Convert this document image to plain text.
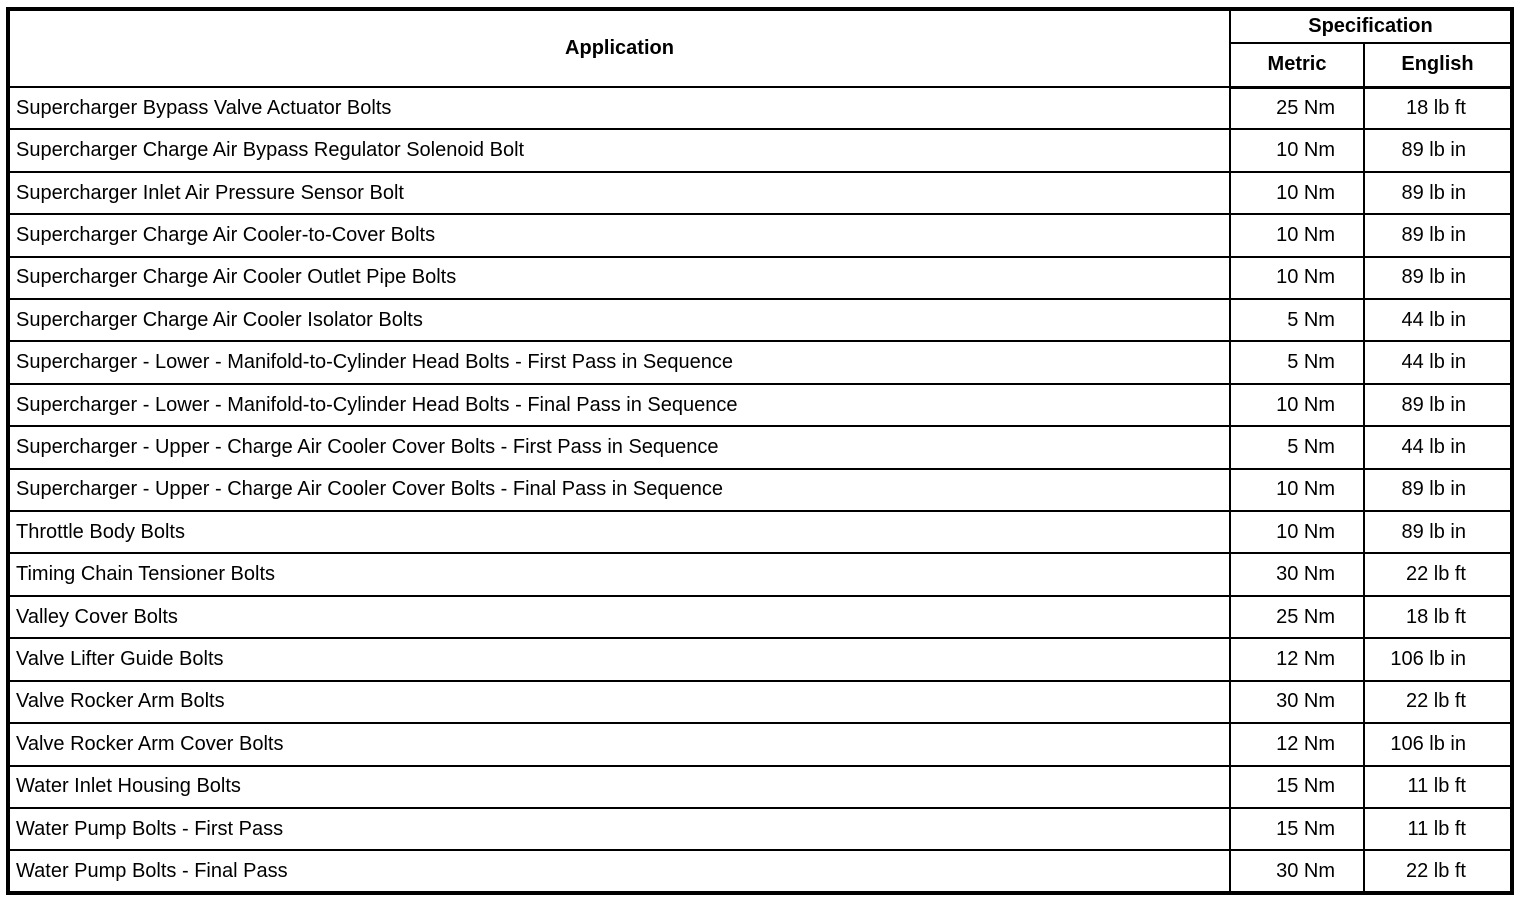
Application	Specification	
	Metric	English
Supercharger Bypass Valve Actuator Bolts	25 Nm	18 lb ft
Supercharger Charge Air Bypass Regulator Solenoid Bolt	10 Nm	89 lb in
Supercharger Inlet Air Pressure Sensor Bolt	10 Nm	89 lb in
Supercharger Charge Air Cooler-to-Cover Bolts	10 Nm	89 lb in
Supercharger Charge Air Cooler Outlet Pipe Bolts	10 Nm	89 lb in
Supercharger Charge Air Cooler Isolator Bolts	5 Nm	44 lb in
Supercharger - Lower - Manifold-to-Cylinder Head Bolts - First Pass in Sequence	5 Nm	44 lb in
Supercharger - Lower - Manifold-to-Cylinder Head Bolts - Final Pass in Sequence	10 Nm	89 lb in
Supercharger - Upper - Charge Air Cooler Cover Bolts - First Pass in Sequence	5 Nm	44 lb in
Supercharger - Upper - Charge Air Cooler Cover Bolts - Final Pass in Sequence	10 Nm	89 lb in
Throttle Body Bolts	10 Nm	89 lb in
Timing Chain Tensioner Bolts	30 Nm	22 lb ft
Valley Cover Bolts	25 Nm	18 lb ft
Valve Lifter Guide Bolts	12 Nm	106 lb in
Valve Rocker Arm Bolts	30 Nm	22 lb ft
Valve Rocker Arm Cover Bolts	12 Nm	106 lb in
Water Inlet Housing Bolts	15 Nm	11 lb ft
Water Pump Bolts - First Pass	15 Nm	11 lb ft
Water Pump Bolts - Final Pass	30 Nm	22 lb ft
